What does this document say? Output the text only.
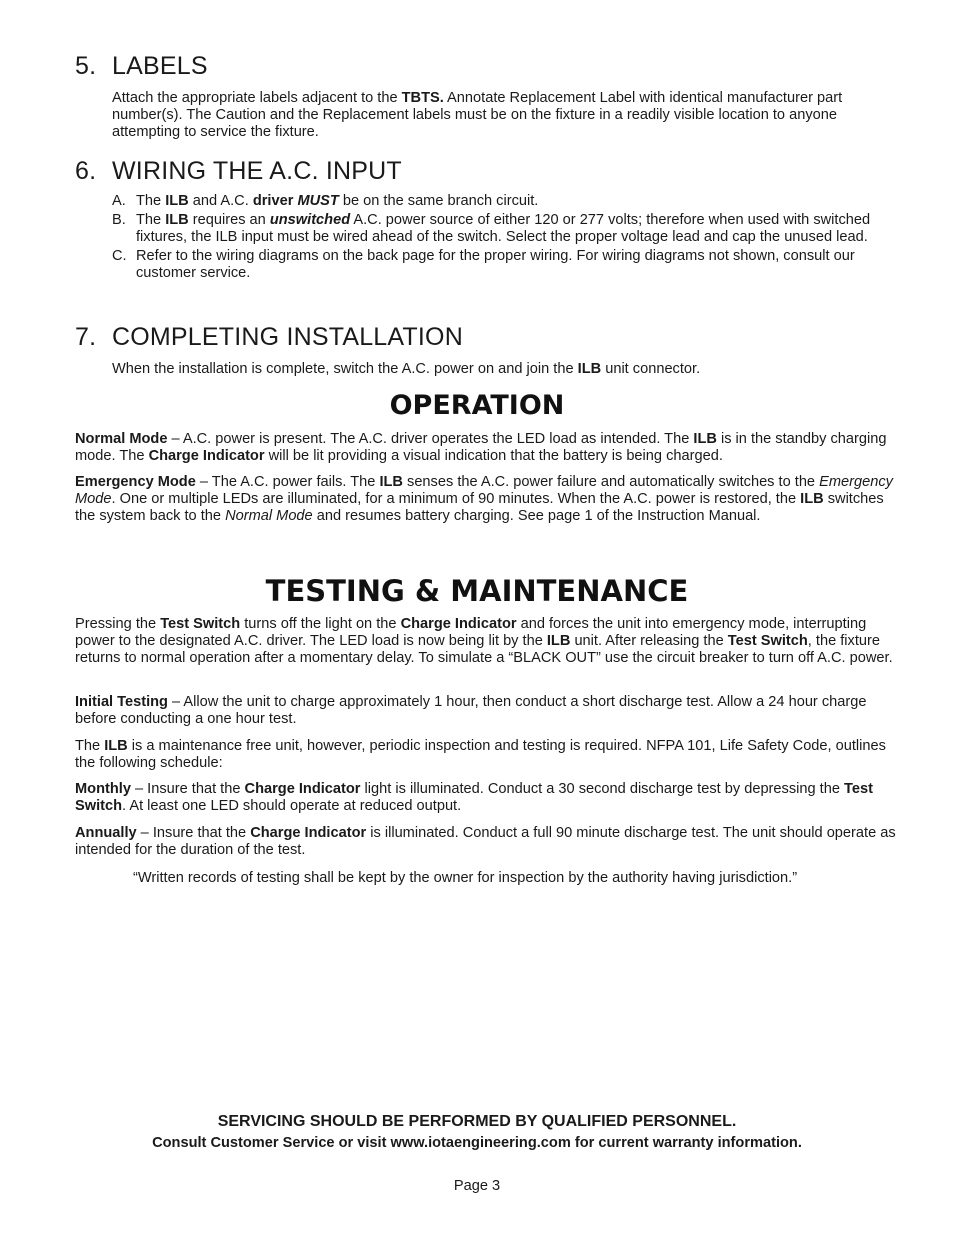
5. LABELS

Attach the appropriate labels adjacent to the TBTS. Annotate Replacement Label with identical manufacturer part number(s). The Caution and the Replacement labels must be on the fixture in a readily visible location to anyone attempting to service the fixture.

6. WIRING THE A.C. INPUT
A. The ILB and A.C. driver MUST be on the same branch circuit.
B. The ILB requires an unswitched A.C. power source of either 120 or 277 volts; therefore when used with switched fixtures, the ILB input must be wired ahead of the switch. Select the proper voltage lead and cap the unused lead.
C. Refer to the wiring diagrams on the back page for the proper wiring. For wiring diagrams not shown, consult our customer service.
7. COMPLETING INSTALLATION

When the installation is complete, switch the A.C. power on and join the ILB unit connector.

OPERATION

Normal Mode – A.C. power is present. The A.C. driver operates the LED load as intended. The ILB is in the standby charging mode. The Charge Indicator will be lit providing a visual indication that the battery is being charged.

Emergency Mode – The A.C. power fails. The ILB senses the A.C. power failure and automatically switches to the Emergency Mode. One or multiple LEDs are illuminated, for a minimum of 90 minutes. When the A.C. power is restored, the ILB switches the system back to the Normal Mode and resumes battery charging. See page 1 of the Instruction Manual.

TESTING & MAINTENANCE

Pressing the Test Switch turns off the light on the Charge Indicator and forces the unit into emergency mode, interrupting power to the designated A.C. driver. The LED load is now being lit by the ILB unit. After releasing the Test Switch, the fixture returns to normal operation after a momentary delay. To simulate a “BLACK OUT” use the circuit breaker to turn off A.C. power.

Initial Testing – Allow the unit to charge approximately 1 hour, then conduct a short discharge test. Allow a 24 hour charge before conducting a one hour test.

The ILB is a maintenance free unit, however, periodic inspection and testing is required. NFPA 101, Life Safety Code, outlines the following schedule:

Monthly – Insure that the Charge Indicator light is illuminated. Conduct a 30 second discharge test by depressing the Test Switch. At least one LED should operate at reduced output.

Annually – Insure that the Charge Indicator is illuminated. Conduct a full 90 minute discharge test. The unit should operate as intended for the duration of the test.

“Written records of testing shall be kept by the owner for inspection by the authority having jurisdiction.”

SERVICING SHOULD BE PERFORMED BY QUALIFIED PERSONNEL.

Consult Customer Service or visit www.iotaengineering.com for current warranty information.

Page 3
